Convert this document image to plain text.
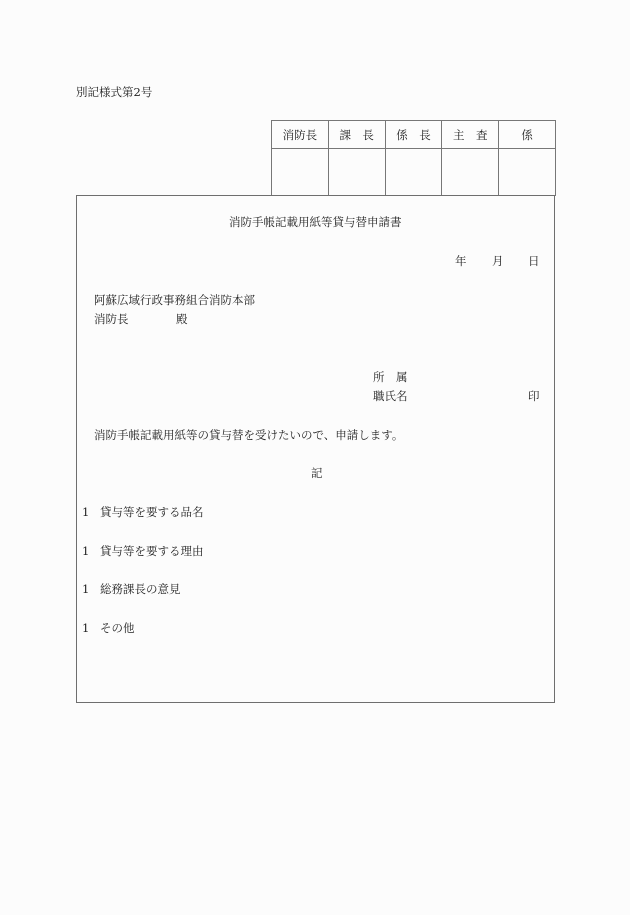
別記様式第2号
消防長	課　長	係　長	主　査	係

消防手帳記載用紙等貸与替申請書
年 月 日
阿蘇広域行政事務組合消防本部
消防長	殿
所　属
職氏名	印
消防手帳記載用紙等の貸与替を受けたいので、申請します。
記
1 貸与等を要する品名
1 貸与等を要する理由
1 総務課長の意見
1 その他
